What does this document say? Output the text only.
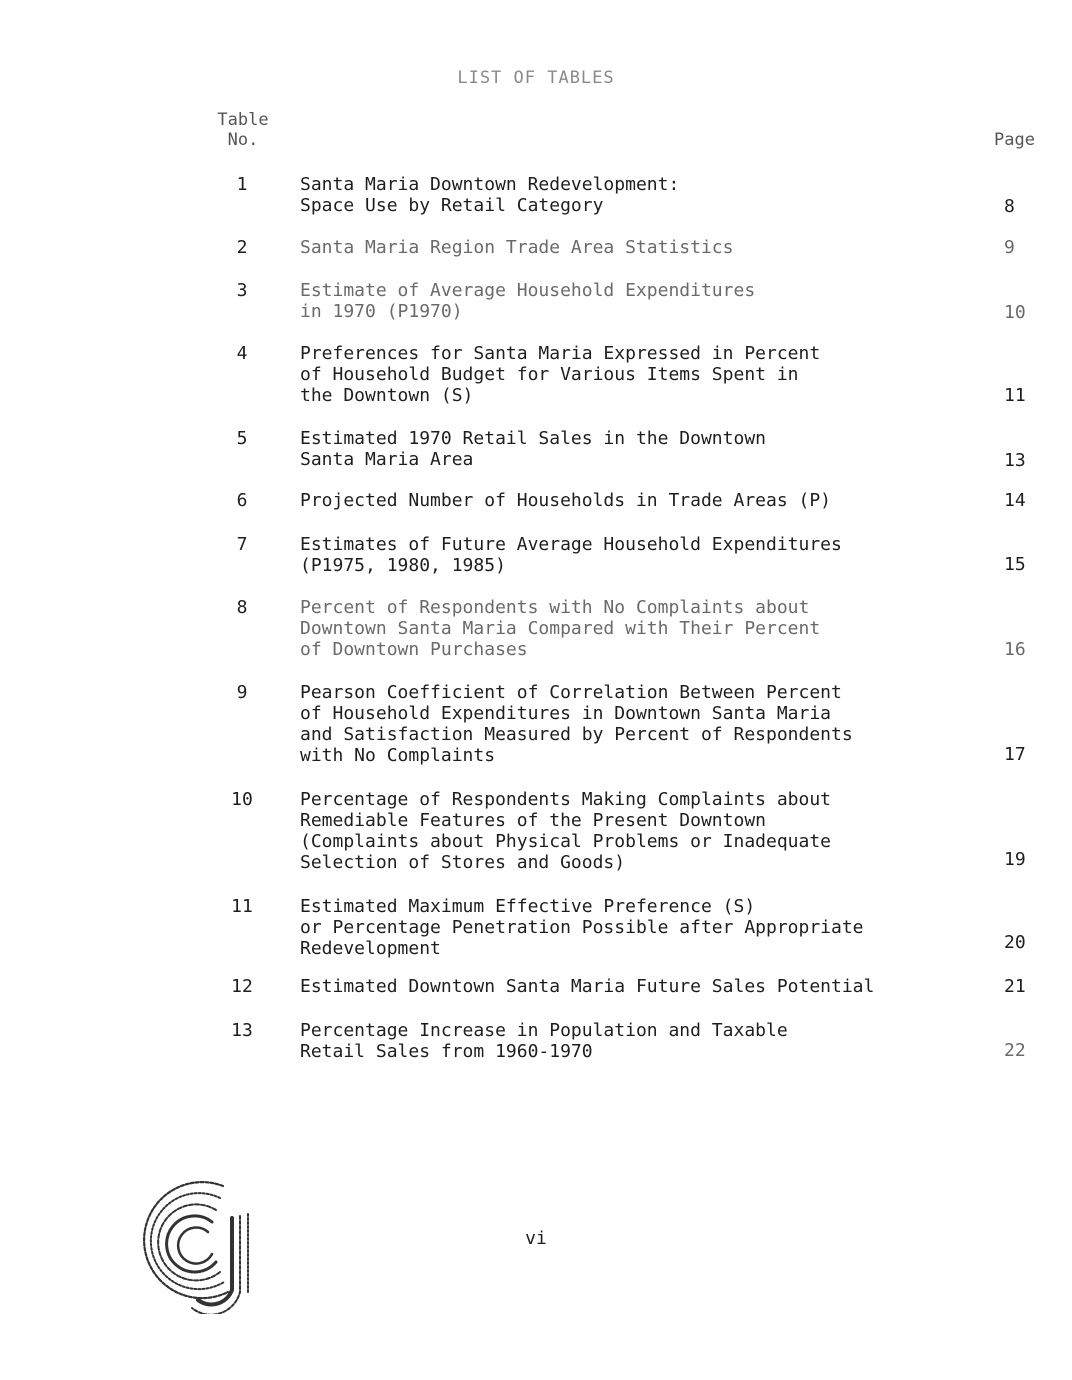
LIST OF TABLES
Table
No.	Page
1	Santa Maria Downtown Redevelopment:
Space Use by Retail Category	8
2	Santa Maria Region Trade Area Statistics	9
3	Estimate of Average Household Expenditures
in 1970 (P1970)	10
4	Preferences for Santa Maria Expressed in Percent
of Household Budget for Various Items Spent in
the Downtown (S)	11
5	Estimated 1970 Retail Sales in the Downtown
Santa Maria Area	13
6	Projected Number of Households in Trade Areas (P)	14
7	Estimates of Future Average Household Expenditures
(P1975, 1980, 1985)	15
8	Percent of Respondents with No Complaints about
Downtown Santa Maria Compared with Their Percent
of Downtown Purchases	16
9	Pearson Coefficient of Correlation Between Percent
of Household Expenditures in Downtown Santa Maria
and Satisfaction Measured by Percent of Respondents
with No Complaints	17
10	Percentage of Respondents Making Complaints about
Remediable Features of the Present Downtown
(Complaints about Physical Problems or Inadequate
Selection of Stores and Goods)	19
11	Estimated Maximum Effective Preference (S)
or Percentage Penetration Possible after Appropriate
Redevelopment	20
12	Estimated Downtown Santa Maria Future Sales Potential	21
13	Percentage Increase in Population and Taxable
Retail Sales from 1960-1970	22
vi
